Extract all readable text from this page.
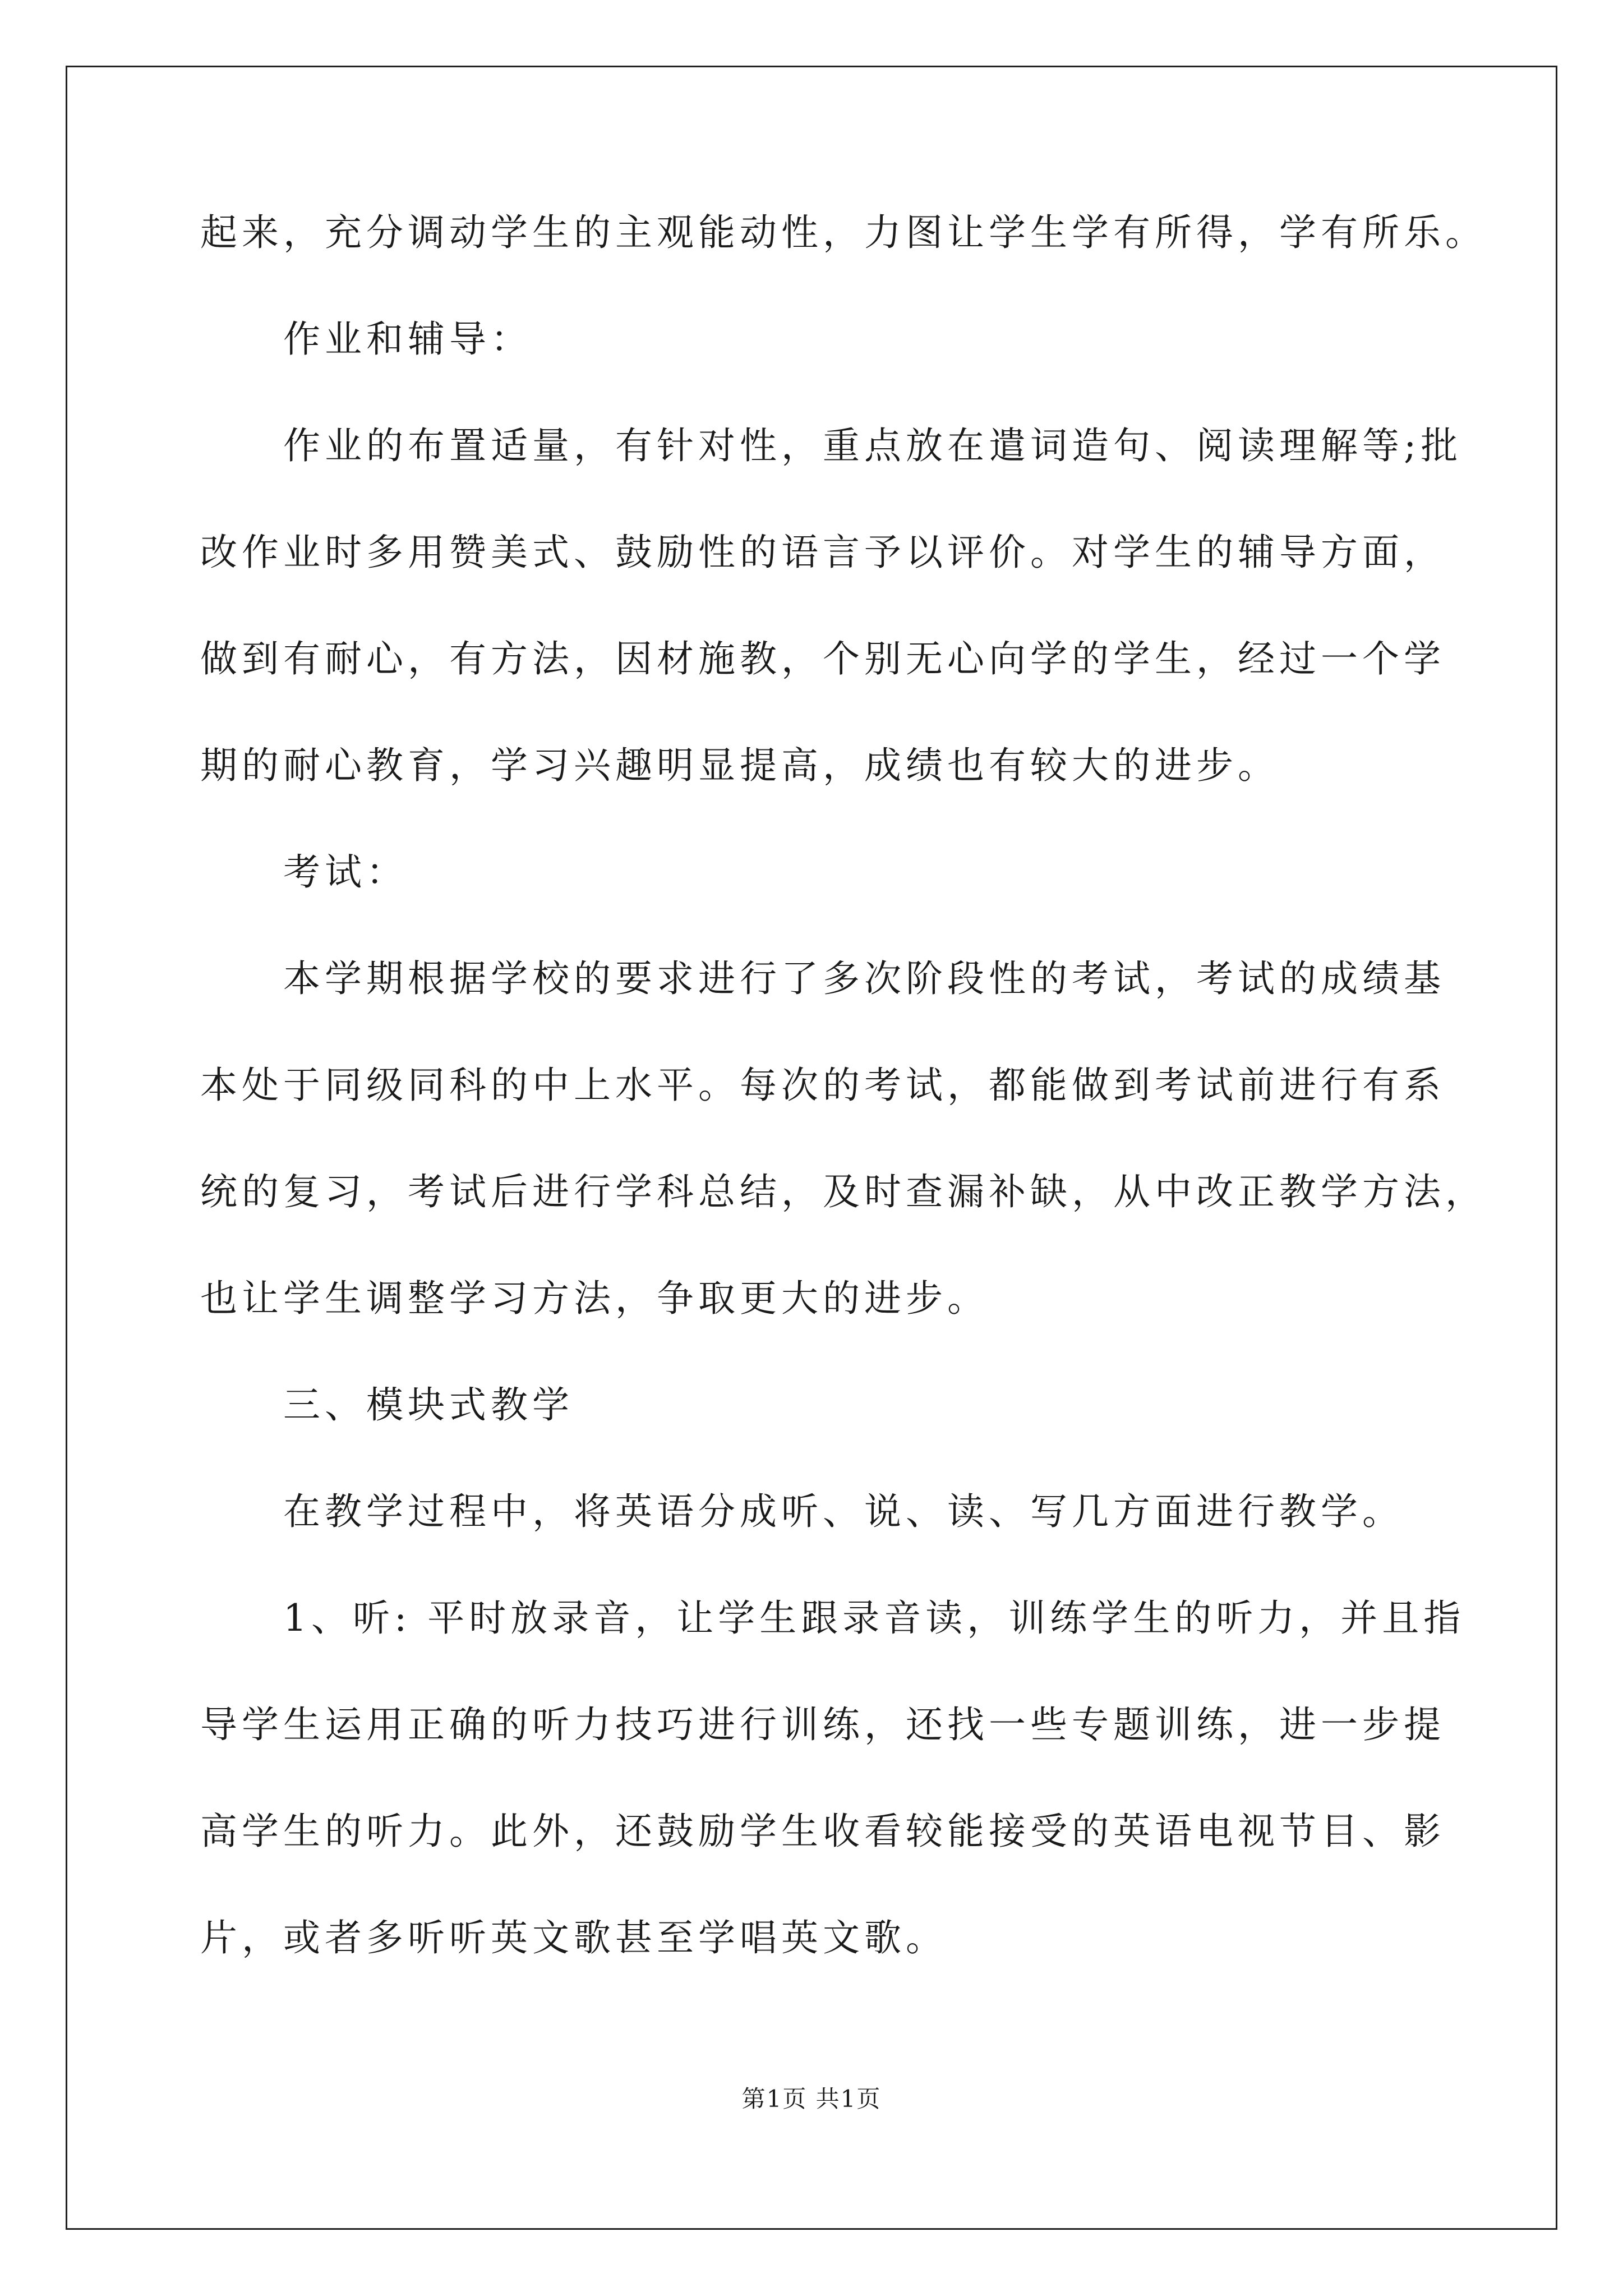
起来，充分调动学生的主观能动性，力图让学生学有所得，学有所乐。
作业和辅导：
作业的布置适量，有针对性，重点放在遣词造句、阅读理解等;批
改作业时多用赞美式、鼓励性的语言予以评价。对学生的辅导方面，
做到有耐心，有方法，因材施教，个别无心向学的学生，经过一个学
期的耐心教育，学习兴趣明显提高，成绩也有较大的进步。
考试：
本学期根据学校的要求进行了多次阶段性的考试，考试的成绩基
本处于同级同科的中上水平。每次的考试，都能做到考试前进行有系
统的复习，考试后进行学科总结，及时查漏补缺，从中改正教学方法，
也让学生调整学习方法，争取更大的进步。
三、模块式教学
在教学过程中，将英语分成听、说、读、写几方面进行教学。
1、听: 平时放录音，让学生跟录音读，训练学生的听力，并且指
导学生运用正确的听力技巧进行训练，还找一些专题训练，进一步提
高学生的听力。此外，还鼓励学生收看较能接受的英语电视节目、影
片，或者多听听英文歌甚至学唱英文歌。
第1页 共1页
